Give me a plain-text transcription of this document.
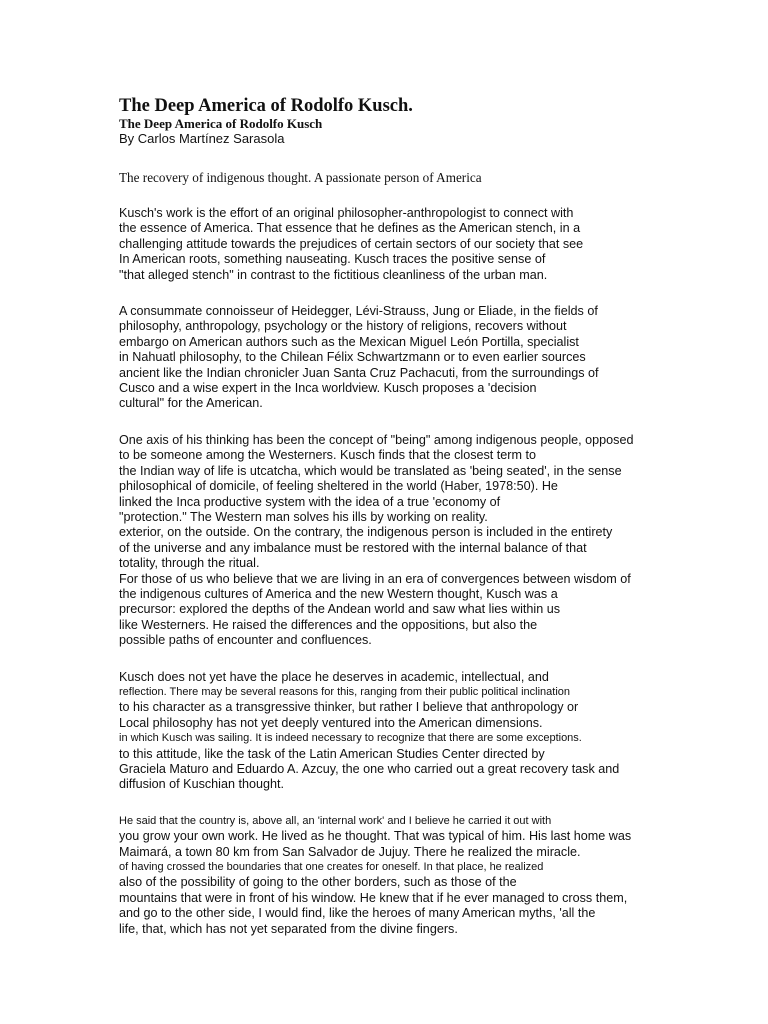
The Deep America of Rodolfo Kusch.
The Deep America of Rodolfo Kusch
By Carlos Martínez Sarasola
The recovery of indigenous thought. A passionate person of America
Kusch's work is the effort of an original philosopher-anthropologist to connect with
the essence of America. That essence that he defines as the American stench, in a
challenging attitude towards the prejudices of certain sectors of our society that see
In American roots, something nauseating. Kusch traces the positive sense of
"that alleged stench" in contrast to the fictitious cleanliness of the urban man.
A consummate connoisseur of Heidegger, Lévi-Strauss, Jung or Eliade, in the fields of
philosophy, anthropology, psychology or the history of religions, recovers without
embargo on American authors such as the Mexican Miguel León Portilla, specialist
in Nahuatl philosophy, to the Chilean Félix Schwartzmann or to even earlier sources
ancient like the Indian chronicler Juan Santa Cruz Pachacuti, from the surroundings of
Cusco and a wise expert in the Inca worldview. Kusch proposes a 'decision
cultural" for the American.
One axis of his thinking has been the concept of "being" among indigenous people, opposed
to be someone among the Westerners. Kusch finds that the closest term to
the Indian way of life is utcatcha, which would be translated as 'being seated', in the sense
philosophical of domicile, of feeling sheltered in the world (Haber, 1978:50). He
linked the Inca productive system with the idea of a true 'economy of
"protection." The Western man solves his ills by working on reality.
exterior, on the outside. On the contrary, the indigenous person is included in the entirety
of the universe and any imbalance must be restored with the internal balance of that
totality, through the ritual.
For those of us who believe that we are living in an era of convergences between wisdom of
the indigenous cultures of America and the new Western thought, Kusch was a
precursor: explored the depths of the Andean world and saw what lies within us
like Westerners. He raised the differences and the oppositions, but also the
possible paths of encounter and confluences.
Kusch does not yet have the place he deserves in academic, intellectual, and
reflection. There may be several reasons for this, ranging from their public political inclination
to his character as a transgressive thinker, but rather I believe that anthropology or
Local philosophy has not yet deeply ventured into the American dimensions.
in which Kusch was sailing. It is indeed necessary to recognize that there are some exceptions.
to this attitude, like the task of the Latin American Studies Center directed by
Graciela Maturo and Eduardo A. Azcuy, the one who carried out a great recovery task and
diffusion of Kuschian thought.
He said that the country is, above all, an 'internal work' and I believe he carried it out with
you grow your own work. He lived as he thought. That was typical of him. His last home was
Maimará, a town 80 km from San Salvador de Jujuy. There he realized the miracle.
of having crossed the boundaries that one creates for oneself. In that place, he realized
also of the possibility of going to the other borders, such as those of the
mountains that were in front of his window. He knew that if he ever managed to cross them,
and go to the other side, I would find, like the heroes of many American myths, 'all the
life, that, which has not yet separated from the divine fingers.
